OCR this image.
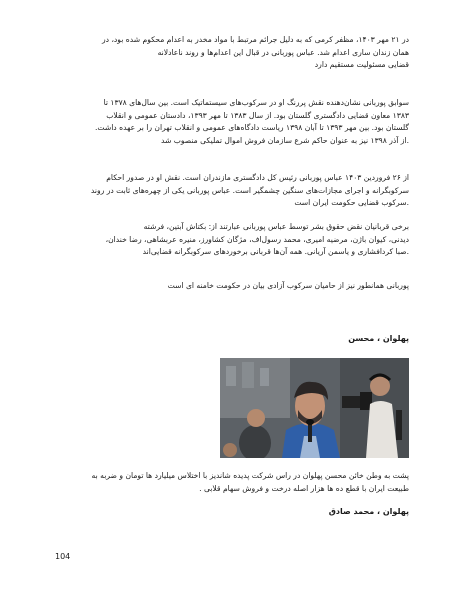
در ۲۱ مهر ۱۴۰۳، مظفر کرمی که به دلیل جرائم مرتبط با مواد مخدر به اعدام محکوم شده بود، در
همان زندان ساری اعدام شد. عباس پوربانی در قبال این اعدام‌ها و روند ناعادلانه
قضایی مسئولیت مستقیم دارد
سوابق پوربانی نشان‌دهنده نقش پررنگ او در سرکوب‌های سیستماتیک است. بین سال‌های ۱۳۷۸ تا
۱۳۸۳ معاون قضایی دادگستری گلستان بود. از سال ۱۳۸۳ تا مهر ۱۳۹۳، دادستان عمومی و انقلاب
گلستان بود. بین مهر ۱۳۹۳ تا آبان ۱۳۹۸ ریاست دادگاه‌های عمومی و انقلاب تهران را بر عهده داشت.
.از آذر ۱۳۹۸ نیز به عنوان حاکم شرع سازمان فروش اموال تملیکی منصوب شد
از ۲۶ فروردین ۱۴۰۳ عباس پوربانی رئیس کل دادگستری مازندران است. نقش او در صدور احکام
سرکوبگرانه و اجرای مجازات‌های سنگین چشمگیر است. عباس پوربانی یکی از چهره‌های ثابت در روند
.سرکوب قضایی حکومت ایران است
برخی قربانیان نقض حقوق بشر توسط عباس پوربانی عبارتند از: بکتاش آبتین، فرشته
دیدنی، کیوان باژن، مرضیه امیری، محمد رسول‌اف، مژگان کشاورز، منیره عربشاهی، رضا خندان،
.صبا کردافشاری و یاسمن آریانی. همه آن‌ها قربانی برخوردهای سرکوبگرانه قضایی‌اند
پوربانی همانطور نیز از حامیان سرکوب آزادی بیان در حکومت خامنه ای است

پهلوان ، محسن

پشت به وطن خائن محسن پهلوان در راس شرکت پدیده شاندیز با اختلاس میلیارد ها تومان و ضربه به
طبیعت ایران با قطع ده ها هزار اصله درخت و فروش سهام قلابی .

پهلوان ، محمد صادق

104
